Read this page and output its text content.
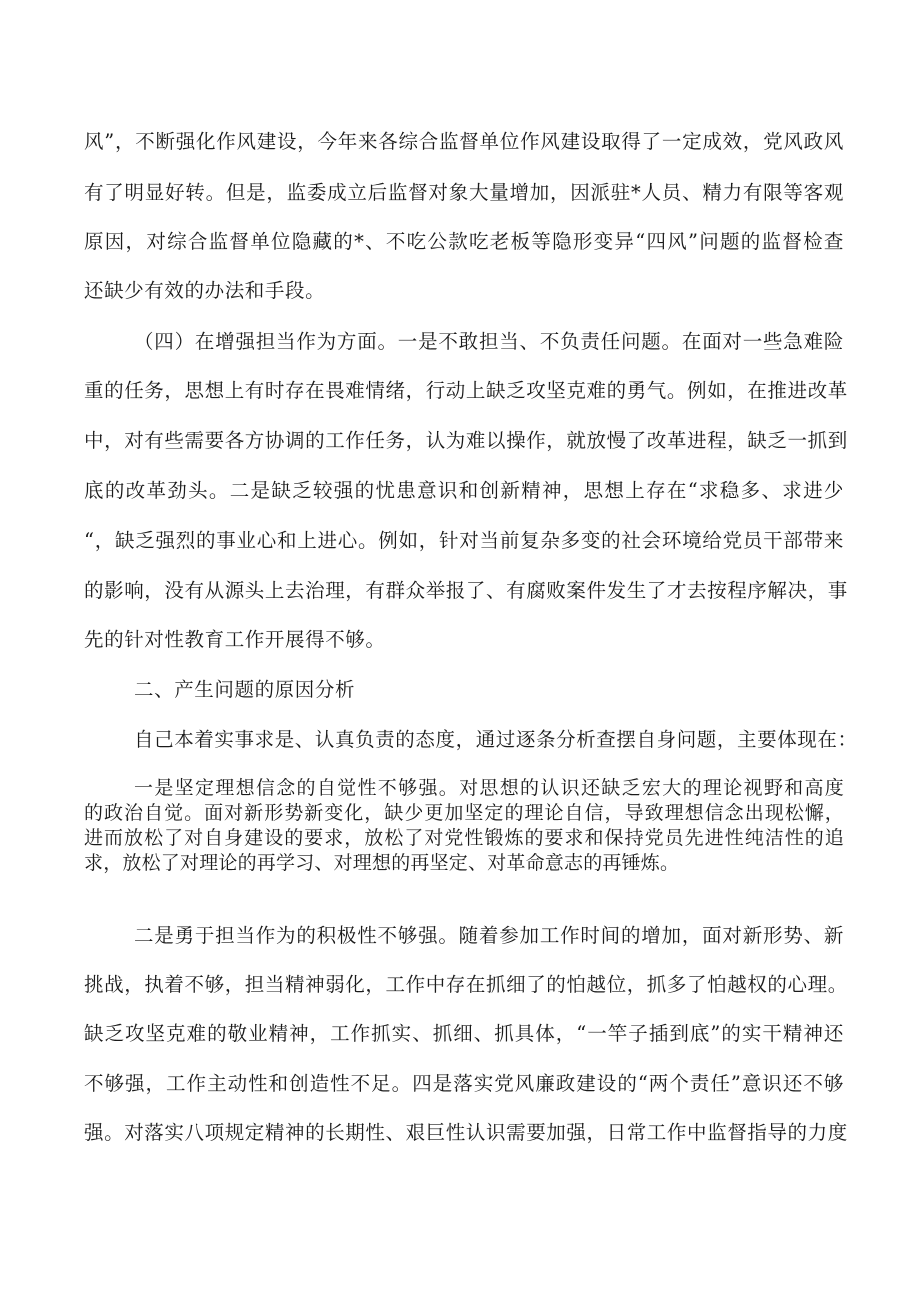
风”，不断强化作风建设，今年来各综合监督单位作风建设取得了一定成效，党风政风
有了明显好转。但是，监委成立后监督对象大量增加，因派驻*人员、精力有限等客观
原因，对综合监督单位隐藏的*、不吃公款吃老板等隐形变异“四风”问题的监督检查
还缺少有效的办法和手段。
（四）在增强担当作为方面。一是不敢担当、不负责任问题。在面对一些急难险
重的任务，思想上有时存在畏难情绪，行动上缺乏攻坚克难的勇气。例如，在推进改革
中，对有些需要各方协调的工作任务，认为难以操作，就放慢了改革进程，缺乏一抓到
底的改革劲头。二是缺乏较强的忧患意识和创新精神，思想上存在“求稳多、求进少
“，缺乏强烈的事业心和上进心。例如，针对当前复杂多变的社会环境给党员干部带来
的影响，没有从源头上去治理，有群众举报了、有腐败案件发生了才去按程序解决，事
先的针对性教育工作开展得不够。
二、产生问题的原因分析
自己本着实事求是、认真负责的态度，通过逐条分析查摆自身问题，主要体现在：
一是坚定理想信念的自觉性不够强。对思想的认识还缺乏宏大的理论视野和高度
的政治自觉。面对新形势新变化，缺少更加坚定的理论自信，导致理想信念出现松懈，
进而放松了对自身建设的要求，放松了对党性锻炼的要求和保持党员先进性纯洁性的追
求，放松了对理论的再学习、对理想的再坚定、对革命意志的再锤炼。
二是勇于担当作为的积极性不够强。随着参加工作时间的增加，面对新形势、新
挑战，执着不够，担当精神弱化，工作中存在抓细了的怕越位，抓多了怕越权的心理。
缺乏攻坚克难的敬业精神，工作抓实、抓细、抓具体，“一竿子插到底”的实干精神还
不够强，工作主动性和创造性不足。四是落实党风廉政建设的“两个责任”意识还不够
强。对落实八项规定精神的长期性、艰巨性认识需要加强，日常工作中监督指导的力度
